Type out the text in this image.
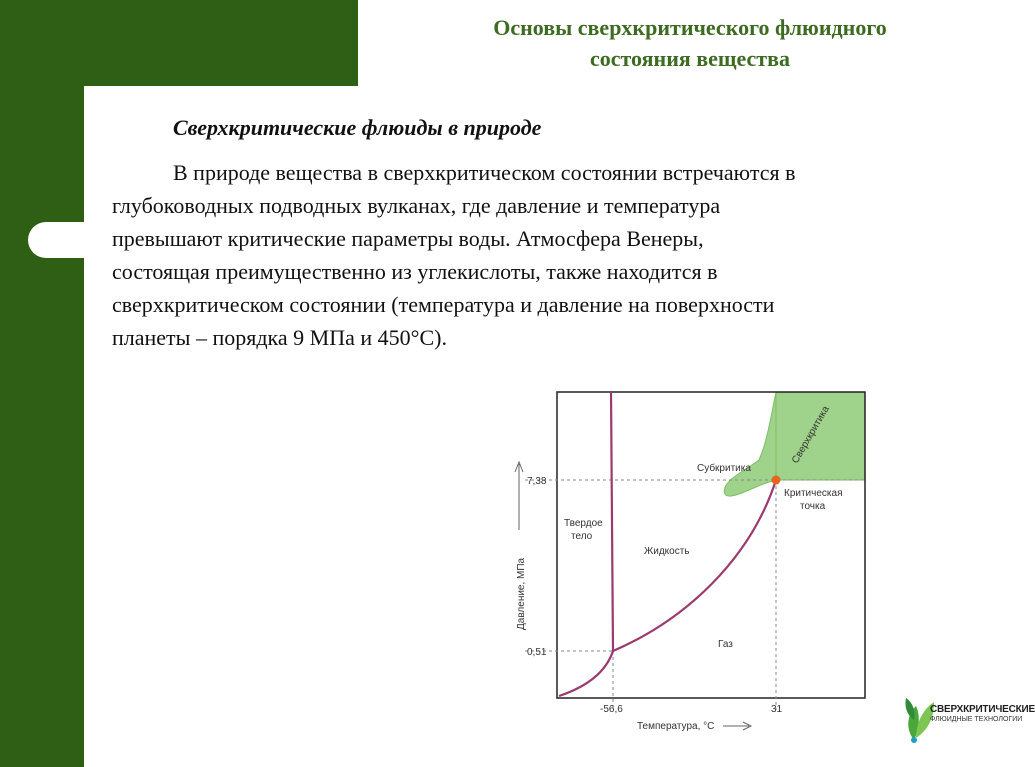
Основы сверхкритического флюидного
состояния вещества
Сверхкритические флюиды в природе
В природе вещества в сверхкритическом состоянии встречаются в
глубоководных подводных вулканах, где давление и температура
превышают критические параметры воды. Атмосфера Венеры,
состоящая преимущественно из углекислоты, также находится в
сверхкритическом состоянии (температура и давление на поверхности
планеты – порядка 9 МПа и 450°С).
Давление, МПа
Температура, °С
7,38
0,51
-56,6	31
Твердое
тело
Жидкость
Газ
Субкритика
Сверхкритика
Критическая
точка
СВЕРХКРИТИЧЕСКИЕ
ФЛЮИДНЫЕ ТЕХНОЛОГИИ
